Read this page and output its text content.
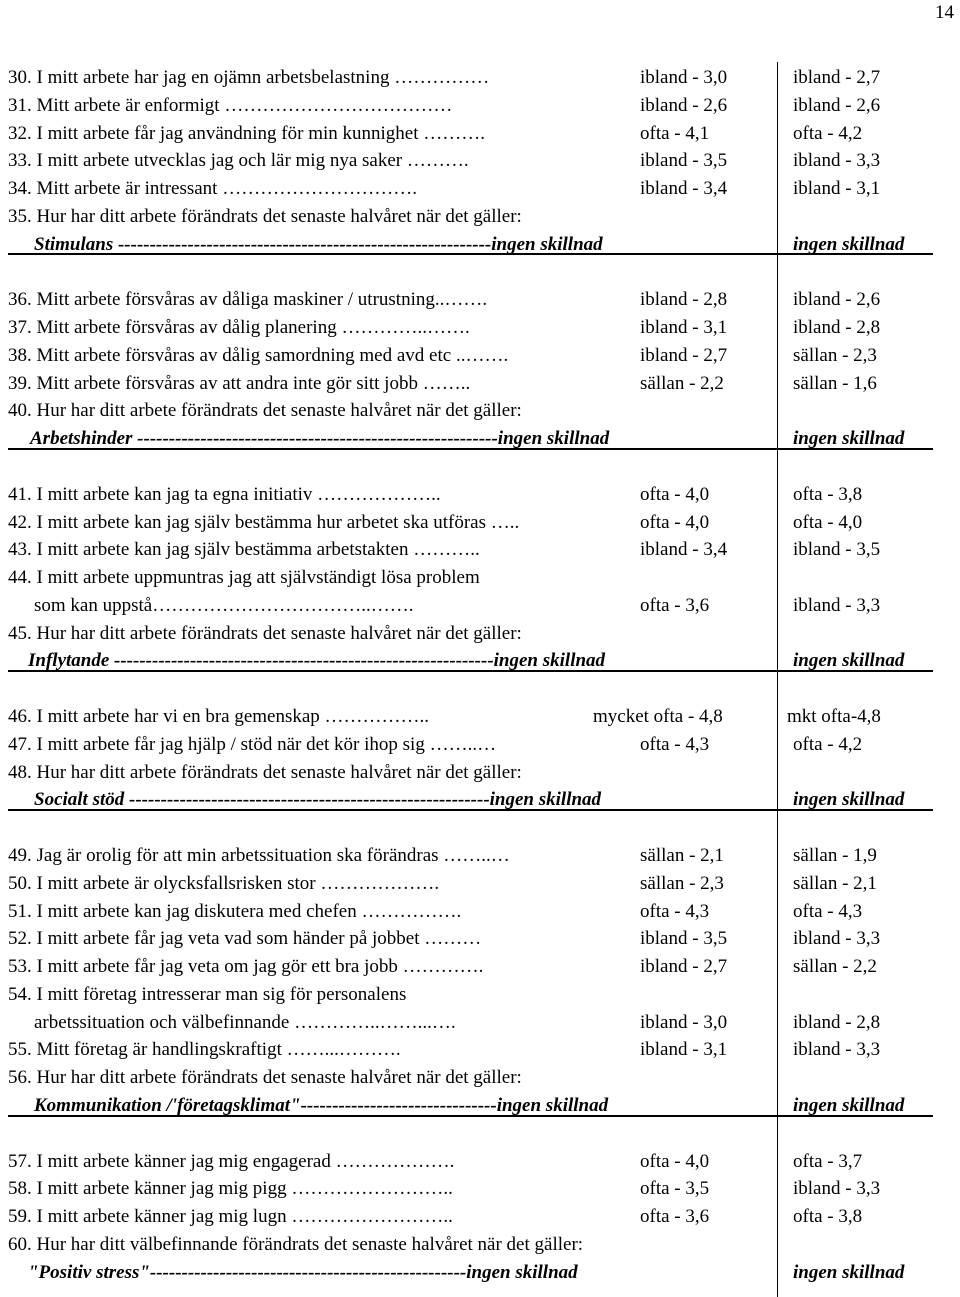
14
30. I mitt arbete har jag en ojämn arbetsbelastning ……………	ibland - 3,0	ibland - 2,7
31. Mitt arbete är enformigt ………………………………	ibland - 2,6	ibland - 2,6
32. I mitt arbete får jag användning för min kunnighet ……….	ofta - 4,1	ofta - 4,2
33. I mitt arbete utvecklas jag och lär mig nya saker ……….	ibland - 3,5	ibland - 3,3
34. Mitt arbete är intressant ………………………….	ibland - 3,4	ibland - 3,1
35. Hur har ditt arbete förändrats det senaste halvåret när det gäller:
Stimulans -----------------------------------------------------------ingen skillnad	ingen skillnad
36. Mitt arbete försvåras av dåliga maskiner / utrustning..…….	ibland - 2,8	ibland - 2,6
37. Mitt arbete försvåras av dålig planering …………..…….	ibland - 3,1	ibland - 2,8
38. Mitt arbete försvåras av dålig samordning med avd etc ..…….	ibland - 2,7	sällan - 2,3
39. Mitt arbete försvåras av att andra inte gör sitt jobb ……..	sällan - 2,2	sällan - 1,6
40. Hur har ditt arbete förändrats det senaste halvåret när det gäller:
Arbetshinder ---------------------------------------------------------ingen skillnad	ingen skillnad
41. I mitt arbete kan jag ta egna initiativ ………………..	ofta - 4,0	ofta - 3,8
42. I mitt arbete kan jag själv bestämma hur arbetet ska utföras …..	ofta - 4,0	ofta - 4,0
43. I mitt arbete kan jag själv bestämma arbetstakten ………..	ibland - 3,4	ibland - 3,5
44. I mitt arbete uppmuntras jag att självständigt lösa problem
som kan uppstå……………………………..…….	ofta - 3,6	ibland - 3,3
45. Hur har ditt arbete förändrats det senaste halvåret när det gäller:
Inflytande ------------------------------------------------------------ingen skillnad	ingen skillnad
46. I mitt arbete har vi en bra gemenskap ……………..	mycket ofta - 4,8	mkt ofta-4,8
47. I mitt arbete får jag hjälp / stöd när det kör ihop sig ……..…	ofta - 4,3	ofta - 4,2
48. Hur har ditt arbete förändrats det senaste halvåret när det gäller:
Socialt stöd ---------------------------------------------------------ingen skillnad	ingen skillnad
49. Jag är orolig för att min arbetssituation ska förändras ……..…	sällan - 2,1	sällan - 1,9
50. I mitt arbete är olycksfallsrisken stor ……………….	sällan - 2,3	sällan - 2,1
51. I mitt arbete kan jag diskutera med chefen …………….	ofta - 4,3	ofta - 4,3
52. I mitt arbete får jag veta vad som händer på jobbet ………	ibland - 3,5	ibland - 3,3
53. I mitt arbete får jag veta om jag gör ett bra jobb ………….	ibland - 2,7	sällan - 2,2
54. I mitt företag intresserar man sig för personalens
arbetssituation och välbefinnande …………..……...….	ibland - 3,0	ibland - 2,8
55. Mitt företag är handlingskraftigt ……...……….	ibland - 3,1	ibland - 3,3
56. Hur har ditt arbete förändrats det senaste halvåret när det gäller:
Kommunikation /'företagsklimat"-------------------------------ingen skillnad	ingen skillnad
57. I mitt arbete känner jag mig engagerad ……………….	ofta - 4,0	ofta - 3,7
58. I mitt arbete känner jag mig pigg ……………………..	ofta - 3,5	ibland - 3,3
59. I mitt arbete känner jag mig lugn ……………………..	ofta - 3,6	ofta - 3,8
60. Hur har ditt välbefinnande förändrats det senaste halvåret när det gäller:
"Positiv stress"--------------------------------------------------ingen skillnad	ingen skillnad
